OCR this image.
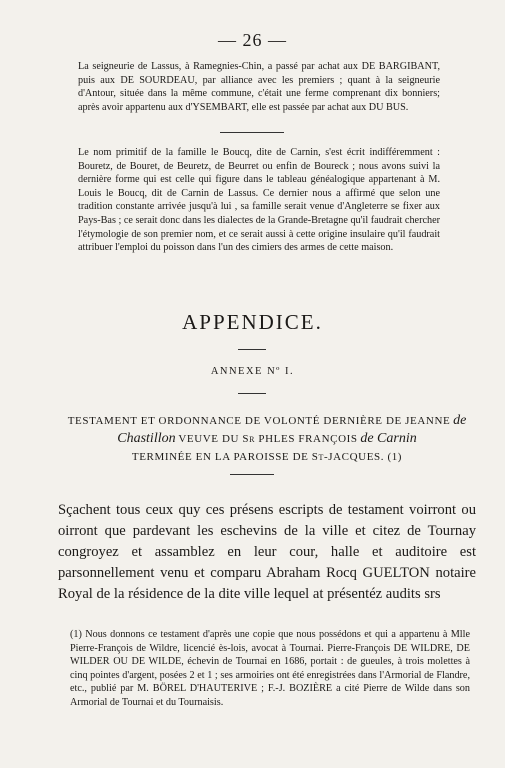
— 26 —
La seigneurie de Lassus, à Ramegnies-Chin, a passé par achat aux DE BARGIBANT, puis aux DE SOURDEAU, par alliance avec les premiers ; quant à la seigneurie d'Antour, située dans la même commune, c'était une ferme comprenant dix bonniers; après avoir appartenu aux d'YSEMBART, elle est passée par achat aux DU BUS.
Le nom primitif de la famille le Boucq, dite de Carnin, s'est écrit indifféremment : Bouretz, de Bouret, de Beuretz, de Beurret ou enfin de Boureck ; nous avons suivi la dernière forme qui est celle qui figure dans le tableau généalogique appartenant à M. Louis le Boucq, dit de Carnin de Lassus. Ce dernier nous a affirmé que selon une tradition constante arrivée jusqu'à lui , sa famille serait venue d'Angleterre se fixer aux Pays-Bas ; ce serait donc dans les dialectes de la Grande-Bretagne qu'il faudrait chercher l'étymologie de son premier nom, et ce serait aussi à cette origine insulaire qu'il faudrait attribuer l'emploi du poisson dans l'un des cimiers des armes de cette maison.
APPENDICE.
ANNEXE Nº I.
TESTAMENT ET ORDONNANCE DE VOLONTÉ DERNIÈRE DE JEANNE de
Chastillon VEUVE DU Sr PHLES FRANÇOIS de Carnin
TERMINÉE EN LA PAROISSE DE St-JACQUES. (1)
Sçachent tous ceux quy ces présens escripts de testament voirront ou oirront que pardevant les eschevins de la ville et citez de Tournay congroyez et assamblez en leur cour, halle et auditoire est parsonnellement venu et comparu Abraham Rocq GUELTON notaire Royal de la résidence de la dite ville lequel at présentéz audits srs
(1) Nous donnons ce testament d'après une copie que nous possédons et qui a appartenu à Mlle Pierre-François de Wildre, licencié ès-lois, avocat à Tournai. Pierre-François DE WILDRE, DE WILDER OU DE WILDE, échevin de Tournai en 1686, portait : de gueules, à trois molettes à cinq pointes d'argent, posées 2 et 1 ; ses armoiries ont été enregistrées dans l'Armorial de Flandre, etc., publié par M. BÖREL D'HAUTERIVE ; F.-J. BOZIÈRE a cité Pierre de Wilde dans son Armorial de Tournai et du Tournaisis.
